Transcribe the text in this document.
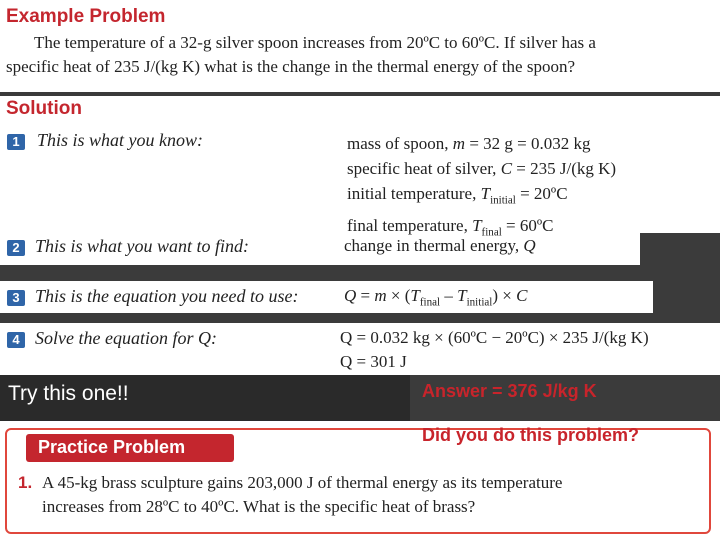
Example Problem
The temperature of a 32-g silver spoon increases from 20ºC to 60ºC. If silver has a
specific heat of 235 J/(kg K) what is the change in the thermal energy of the spoon?
Solution
1 This is what you know:	mass of spoon, m = 32 g = 0.032 kg
specific heat of silver, C = 235 J/(kg K)
initial temperature, $T_{initial}$ = 20ºC
final temperature, $T_{final}$ = 60ºC
2 This is what you want to find:	change in thermal energy, Q
3 This is the equation you need to use:	$Q = m \times (T_{final} - T_{initial}) \times C$
4 Solve the equation for Q:	Q = 0.032 kg × (60ºC − 20ºC) × 235 J/(kg K)
Q = 301 J
Try this one!!	Answer = 376 J/kg K
Practice Problem
Did you do this problem?
1. A 45-kg brass sculpture gains 203,000 J of thermal energy as its temperature
increases from 28ºC to 40ºC. What is the specific heat of brass?
